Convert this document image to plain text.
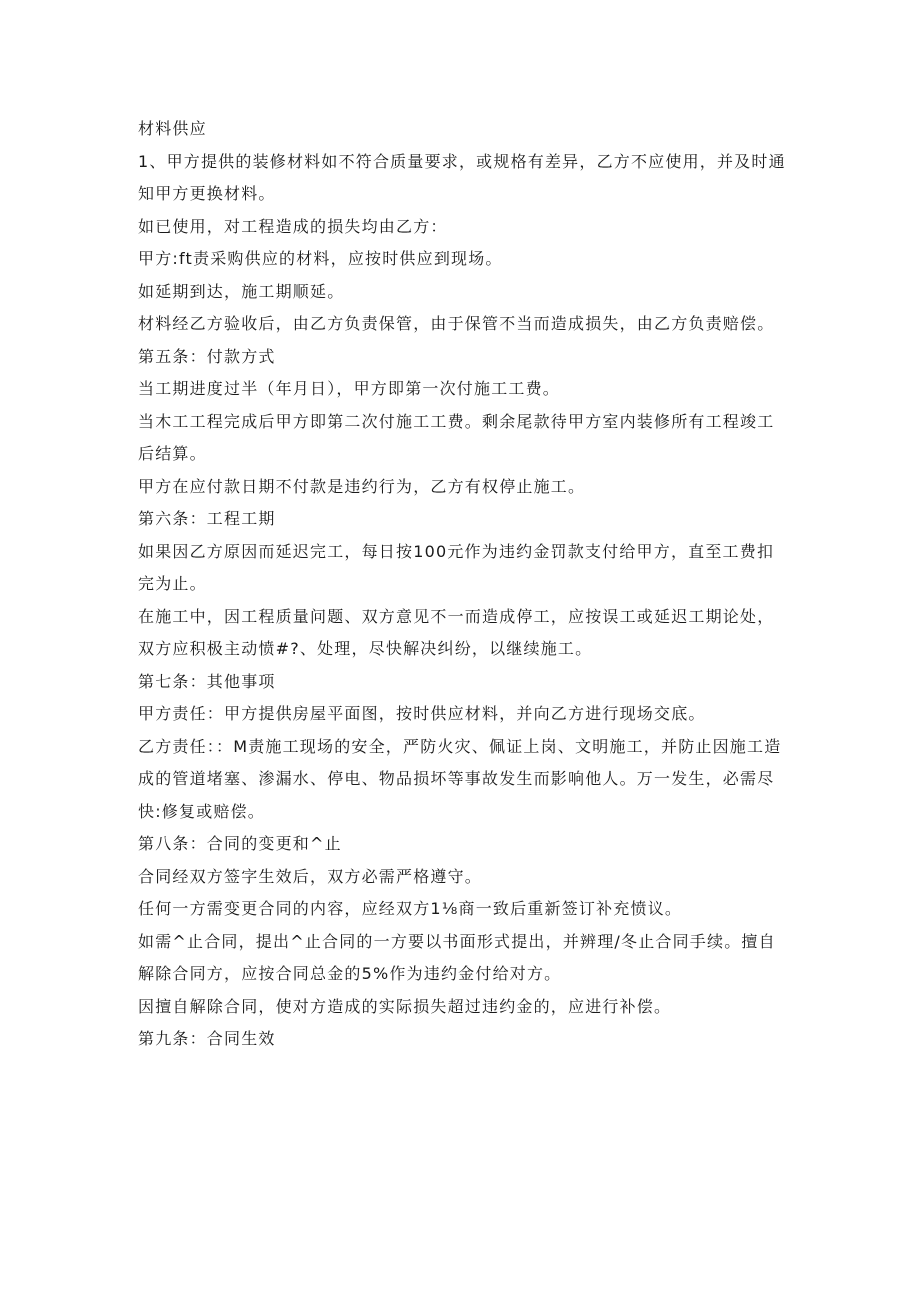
材料供应

1、甲方提供的装修材料如不符合质量要求，或规格有差异，乙方不应使用，并及时通知甲方更换材料。

如已使用，对工程造成的损失均由乙方：

甲方:ft责采购供应的材料，应按时供应到现场。

如延期到达，施工期顺延。

材料经乙方验收后，由乙方负责保管，由于保管不当而造成损失，由乙方负责赔偿。

第五条：付款方式

当工期进度过半（年月日），甲方即第一次付施工工费。

当木工工程完成后甲方即第二次付施工工费。剩余尾款待甲方室内装修所有工程竣工后结算。

甲方在应付款日期不付款是违约行为，乙方有权停止施工。

第六条：工程工期

如果因乙方原因而延迟完工，每日按100元作为违约金罚款支付给甲方，直至工费扣完为止。

在施工中，因工程质量问题、双方意见不一而造成停工，应按误工或延迟工期论处，双方应积极主动愤#?、处理，尽快解决纠纷，以继续施工。

第七条：其他事项

甲方责任：甲方提供房屋平面图，按时供应材料，并向乙方进行现场交底。

乙方责任：：M责施工现场的安全，严防火灾、佩证上岗、文明施工，并防止因施工造成的管道堵塞、渗漏水、停电、物品损坏等事故发生而影响他人。万一发生，必需尽快:修复或赔偿。

第八条：合同的变更和^止

合同经双方签字生效后，双方必需严格遵守。

任何一方需变更合同的内容，应经双方1⅛商一致后重新签订补充愤议。

如需^止合同，提出^止合同的一方要以书面形式提出，并辨理/冬止合同手续。擅自解除合同方，应按合同总金的5%作为违约金付给对方。

因擅自解除合同，使对方造成的实际损失超过违约金的，应进行补偿。

第九条：合同生效
